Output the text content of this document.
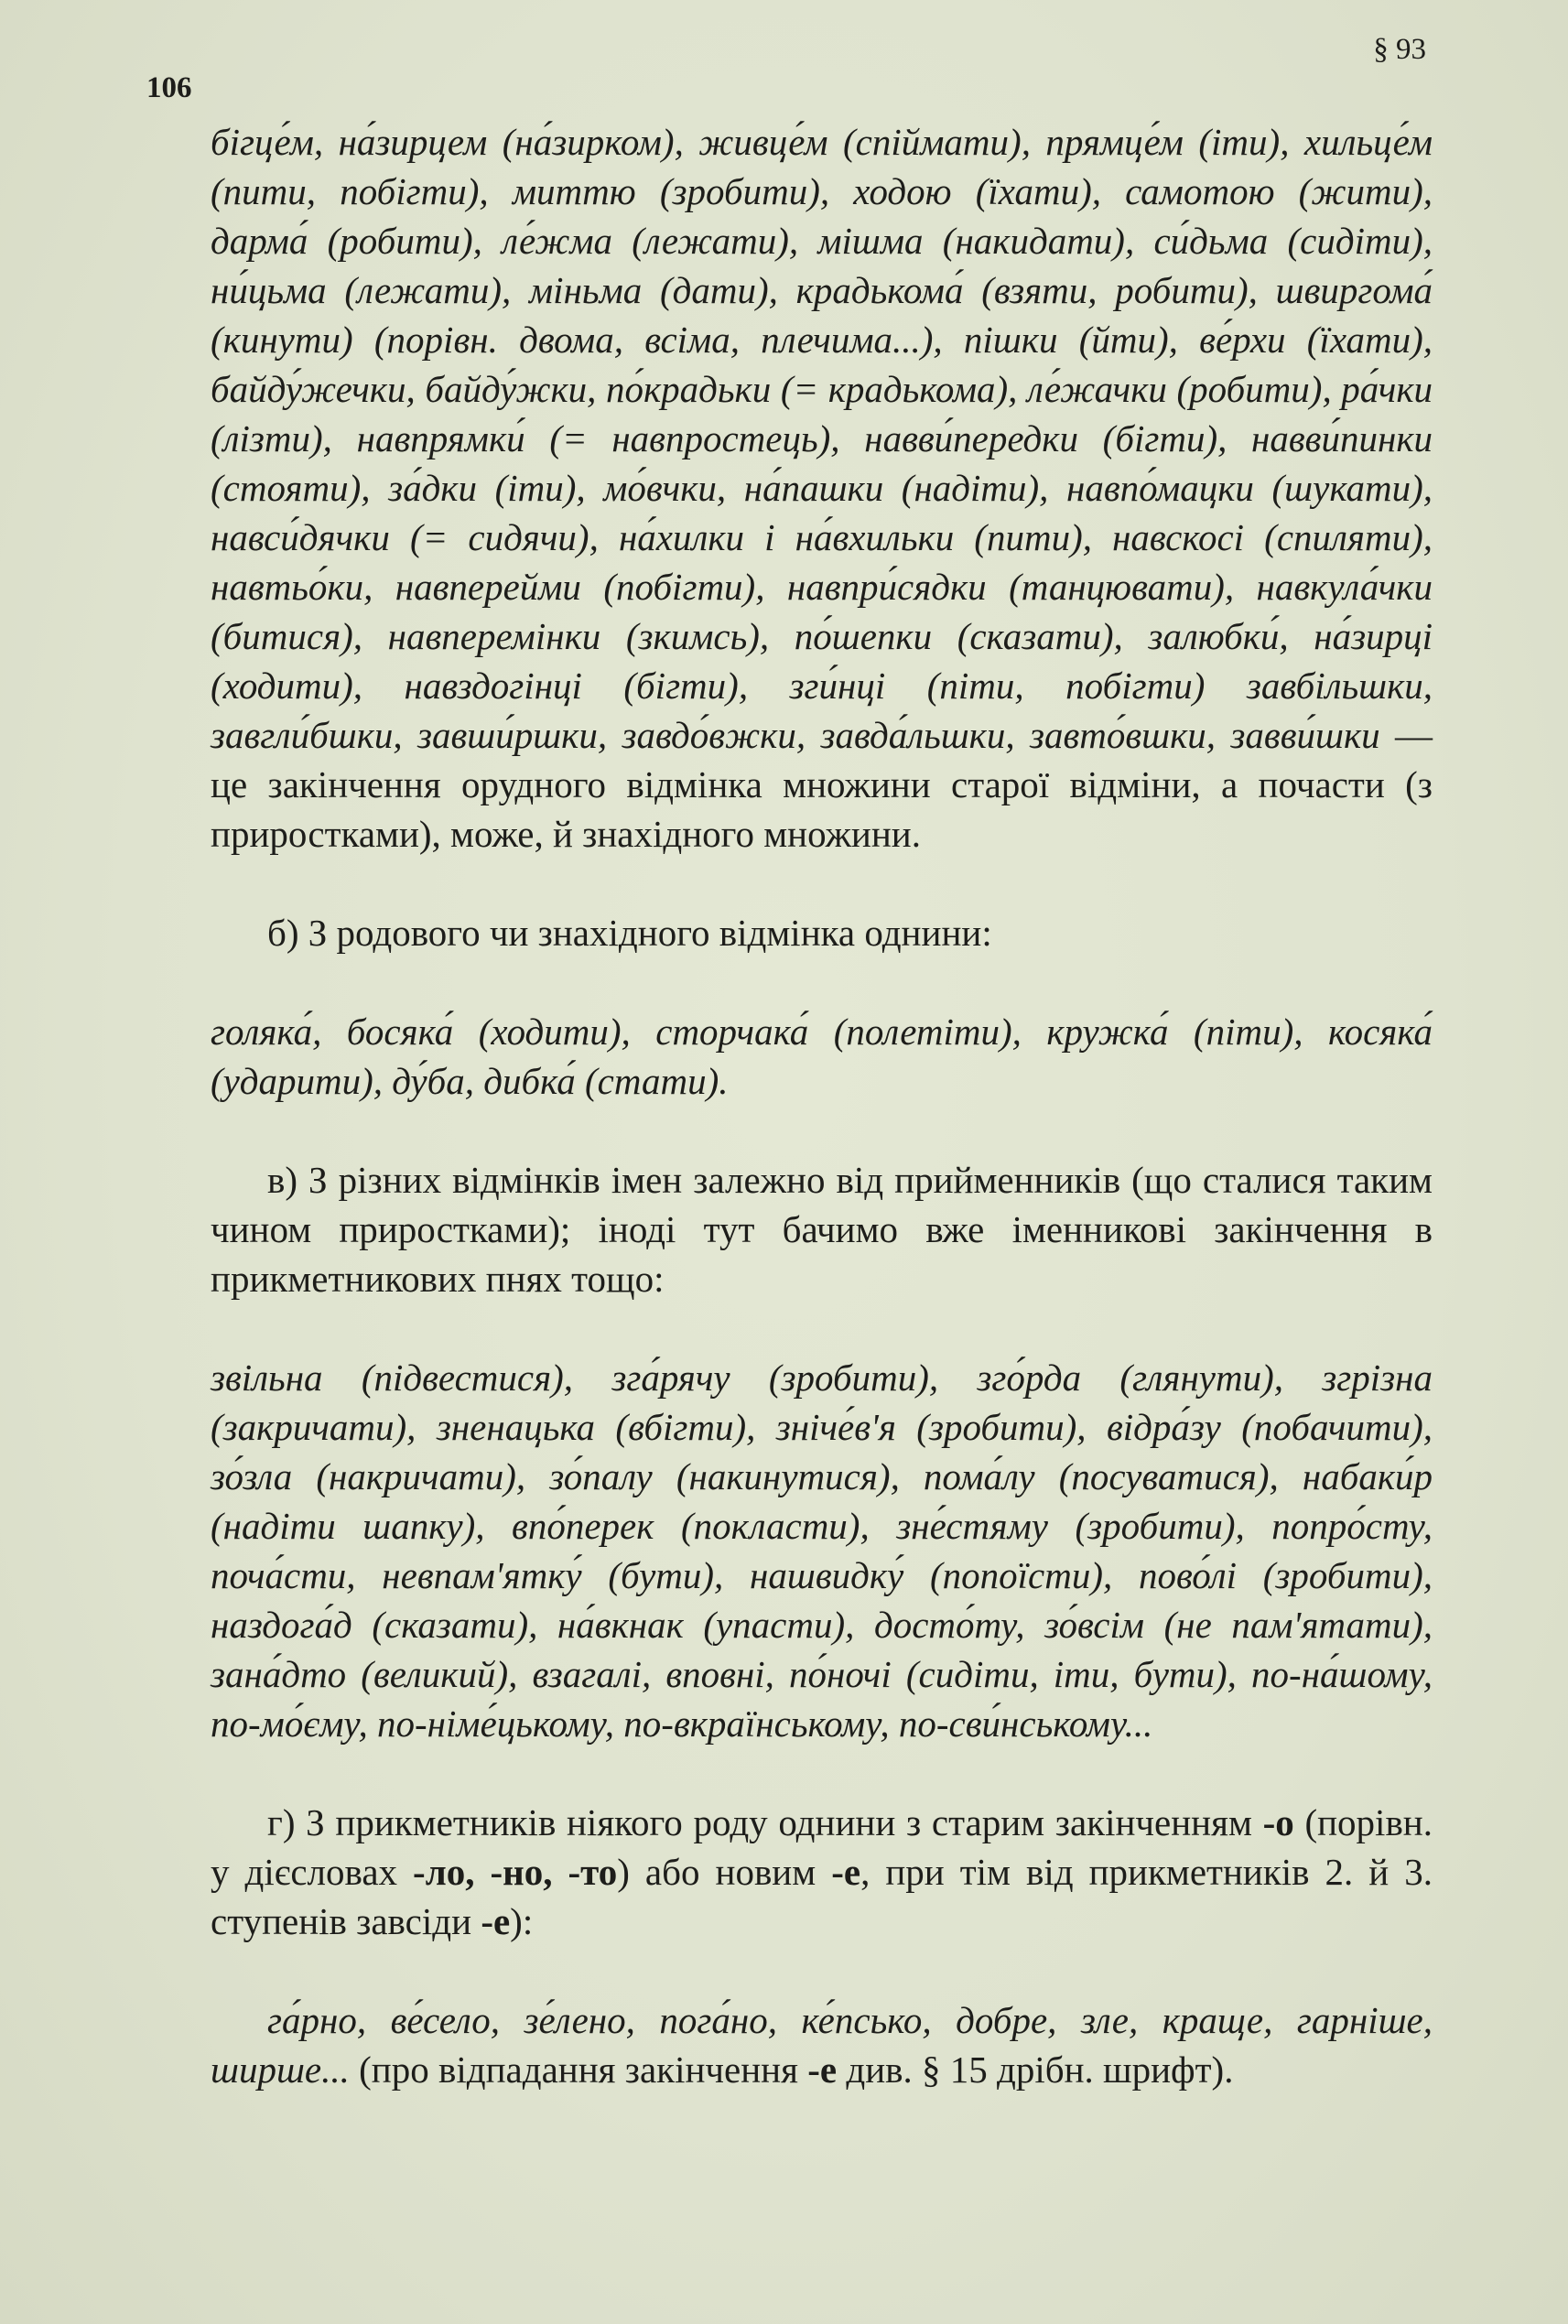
106
§ 93

бігце́м, на́зирцем (на́зирком), живце́м (спіймати), прямце́м (іти), хильце́м (пити, побігти), миттю (зробити), ходою (їхати), самотою (жити), дарма́ (робити), ле́жма (лежати), мішма (накидати), си́дьма (сидіти), ни́цьма (лежати), міньма (дати), крадькома́ (взяти, робити), швиргома́ (кинути) (порівн. двома, всіма, плечима...), пішки (йти), ве́рхи (їхати), байду́жечки, байду́жки, по́крадьки (= крадькома), ле́жачки (робити), ра́чки (лізти), навпрямки́ (= навпростець), навви́передки (бігти), навви́пинки (стояти), за́дки (іти), мо́вчки, на́пашки (надіти), навпо́мацки (шукати), навси́дячки (= сидячи), на́хилки і на́вхильки (пити), навскосі (спиляти), навтьо́ки, навперейми (побігти), навпри́сядки (танцювати), навкула́чки (битися), навперемінки (зкимсь), по́шепки (сказати), залюбки́, на́зирці (ходити), навздогінці (бігти), зги́нці (піти, побігти) завбільшки, завгли́бшки, завши́ршки, завдо́вжки, завда́льшки, завто́вшки, завви́шки — це закінчення орудного відмінка множини старої відміни, а почасти (з приростками), може, й знахідного множини.

б) З родового чи знахідного відмінка однини:

голяка́, босяка́ (ходити), сторчака́ (полетіти), кружка́ (піти), косяка́ (ударити), ду́ба, дибка́ (стати).

в) З різних відмінків імен залежно від прийменників (що сталися таким чином приростками); іноді тут бачимо вже іменникові закінчення в прикметникових пнях тощо:

звільна (підвестися), зга́рячу (зробити), зго́рда (глянути), згрізна (закричати), зненацька (вбігти), зніче́в'я (зробити), відра́зу (побачити), зо́зла (накричати), зо́палу (накинутися), пома́лу (посуватися), набаки́р (надіти шапку), впо́перек (покласти), зне́стяму (зробити), попро́сту, поча́сти, невпам'ятку́ (бути), нашвидку́ (попоїсти), пово́лі (зробити), наздога́д (сказати), на́вкнак (упасти), досто́ту, зо́всім (не пам'ятати), зана́дто (великий), взагалі, вповні, по́ночі (сидіти, іти, бути), по-на́шому, по-мо́єму, по-німе́цькому, по-вкраїнському, по-сви́нському...

г) З прикметників ніякого роду однини з старим закінченням -о (порівн. у дієсловах -ло, -но, -то) або новим -е, при тім від прикметників 2. й 3. ступенів завсіди -е):

га́рно, ве́село, зе́лено, пога́но, ке́псько, добре, зле, краще, гарніше, ширше... (про відпадання закінчення -е див. § 15 дрібн. шрифт).
